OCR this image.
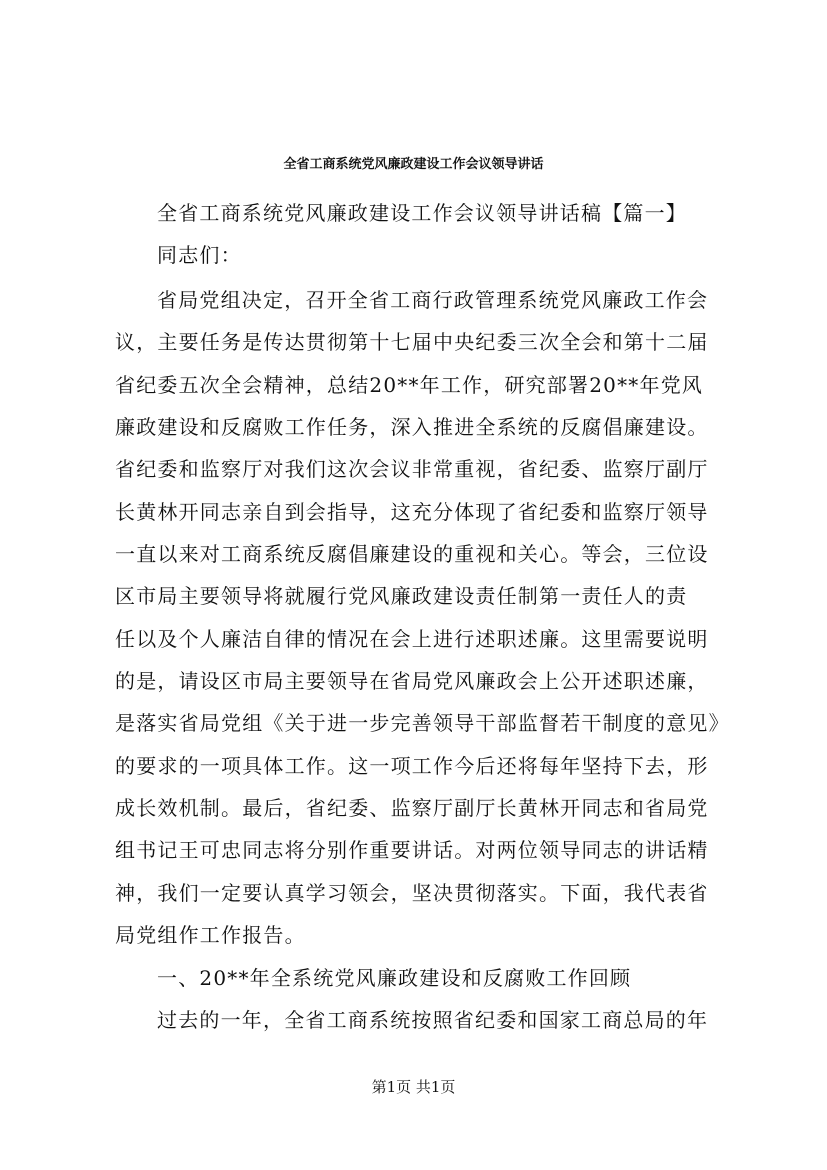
全省工商系统党风廉政建设工作会议领导讲话
全省工商系统党风廉政建设工作会议领导讲话稿【篇一】
同志们：
省局党组决定，召开全省工商行政管理系统党风廉政工作会
议，主要任务是传达贯彻第十七届中央纪委三次全会和第十二届
省纪委五次全会精神，总结20**年工作，研究部署20**年党风
廉政建设和反腐败工作任务，深入推进全系统的反腐倡廉建设。
省纪委和监察厅对我们这次会议非常重视，省纪委、监察厅副厅
长黄林开同志亲自到会指导，这充分体现了省纪委和监察厅领导
一直以来对工商系统反腐倡廉建设的重视和关心。等会，三位设
区市局主要领导将就履行党风廉政建设责任制第一责任人的责
任以及个人廉洁自律的情况在会上进行述职述廉。这里需要说明
的是，请设区市局主要领导在省局党风廉政会上公开述职述廉，
是落实省局党组《关于进一步完善领导干部监督若干制度的意见》
的要求的一项具体工作。这一项工作今后还将每年坚持下去，形
成长效机制。最后，省纪委、监察厅副厅长黄林开同志和省局党
组书记王可忠同志将分别作重要讲话。对两位领导同志的讲话精
神，我们一定要认真学习领会，坚决贯彻落实。下面，我代表省
局党组作工作报告。
一、20**年全系统党风廉政建设和反腐败工作回顾
过去的一年，全省工商系统按照省纪委和国家工商总局的年
第1页 共1页
